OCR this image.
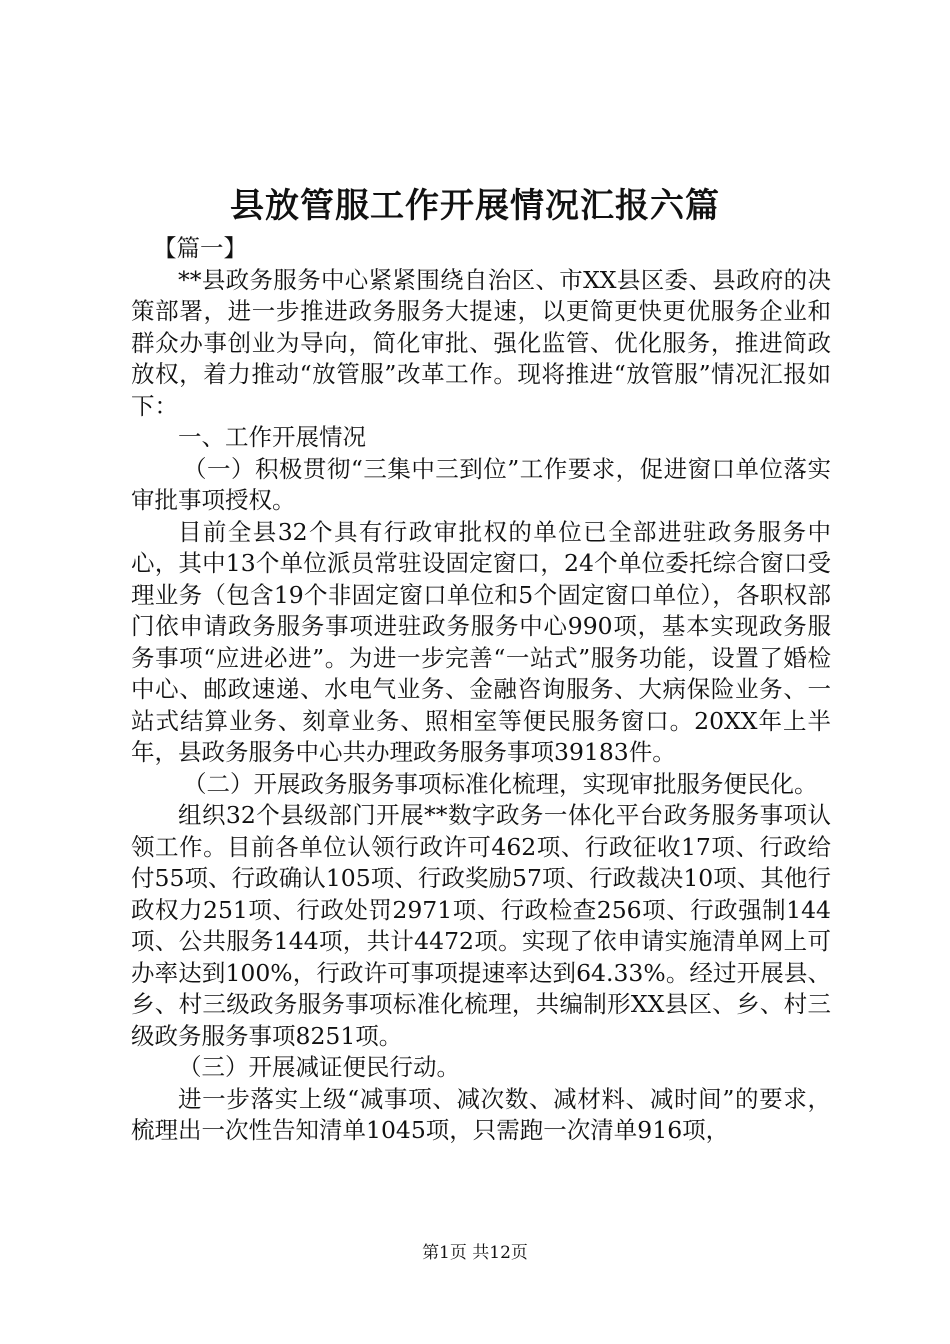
县放管服工作开展情况汇报六篇

【篇一】

**县政务服务中心紧紧围绕自治区、市XX县区委、县政府的决策部署，进一步推进政务服务大提速，以更简更快更优服务企业和群众办事创业为导向，简化审批、强化监管、优化服务，推进简政放权，着力推动“放管服”改革工作。现将推进“放管服”情况汇报如下：

一、工作开展情况

（一）积极贯彻“三集中三到位”工作要求，促进窗口单位落实审批事项授权。

目前全县32个具有行政审批权的单位已全部进驻政务服务中心，其中13个单位派员常驻设固定窗口，24个单位委托综合窗口受理业务（包含19个非固定窗口单位和5个固定窗口单位），各职权部门依申请政务服务事项进驻政务服务中心990项，基本实现政务服务事项“应进必进”。为进一步完善“一站式”服务功能，设置了婚检中心、邮政速递、水电气业务、金融咨询服务、大病保险业务、一站式结算业务、刻章业务、照相室等便民服务窗口。20XX年上半年，县政务服务中心共办理政务服务事项39183件。

（二）开展政务服务事项标准化梳理，实现审批服务便民化。

组织32个县级部门开展**数字政务一体化平台政务服务事项认领工作。目前各单位认领行政许可462项、行政征收17项、行政给付55项、行政确认105项、行政奖励57项、行政裁决10项、其他行政权力251项、行政处罚2971项、行政检查256项、行政强制144项、公共服务144项，共计4472项。实现了依申请实施清单网上可办率达到100%，行政许可事项提速率达到64.33%。经过开展县、乡、村三级政务服务事项标准化梳理，共编制形XX县区、乡、村三级政务服务事项8251项。

（三）开展减证便民行动。

进一步落实上级“减事项、减次数、减材料、减时间”的要求，梳理出一次性告知清单1045项，只需跑一次清单916项，

第1页 共12页
